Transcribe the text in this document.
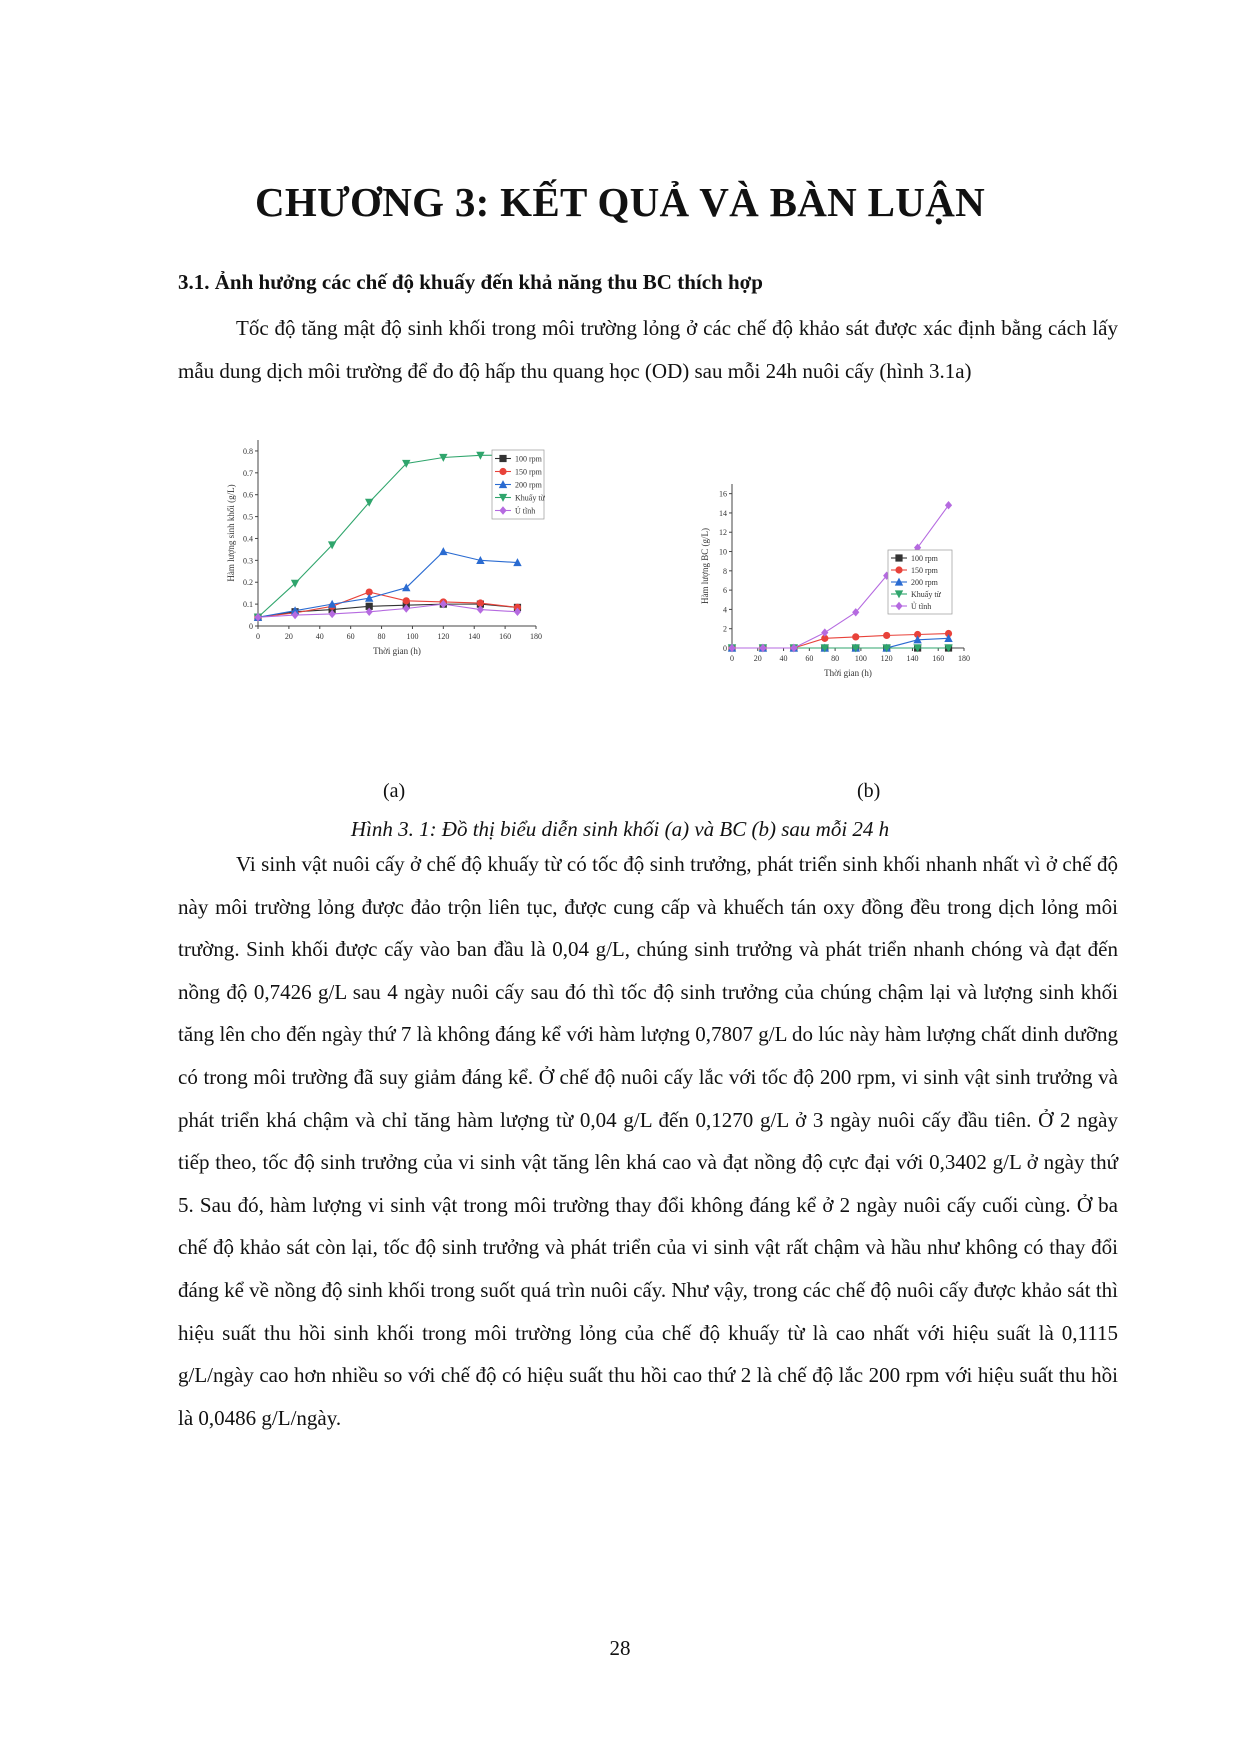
CHƯƠNG 3: KẾT QUẢ VÀ BÀN LUẬN
3.1. Ảnh hưởng các chế độ khuấy đến khả năng thu BC thích hợp

Tốc độ tăng mật độ sinh khối trong môi trường lỏng ở các chế độ khảo sát được xác định bằng cách lấy mẫu dung dịch môi trường để đo độ hấp thu quang học (OD) sau mỗi 24h nuôi cấy (hình 3.1a)

0	20	40	60	80	100 120 140 160 180
0
0.1
0.2
0.3
0.4
0.5
0.6
0.7
0.8
Thời gian (h)
Hàm lượng sinh khối (g/L)
100 rpm
150 rpm
200 rpm
Khuấy từ
Ủ tĩnh
0 20 40 60 80 100 120 140 160 180
0
2
4
6
8
10
12
14
16
Thời gian (h)
Hàm lượng BC (g/L)	100 rpm
150 rpm
200 rpm
Khuấy từ
Ủ tĩnh
(a)	(b)
Hình 3. 1: Đồ thị biểu diễn sinh khối (a) và BC (b) sau mỗi 24 h

Vi sinh vật nuôi cấy ở chế độ khuấy từ có tốc độ sinh trưởng, phát triển sinh khối nhanh nhất vì ở chế độ này môi trường lỏng được đảo trộn liên tục, được cung cấp và khuếch tán oxy đồng đều trong dịch lỏng môi trường. Sinh khối được cấy vào ban đầu là 0,04 g/L, chúng sinh trưởng và phát triển nhanh chóng và đạt đến nồng độ 0,7426 g/L sau 4 ngày nuôi cấy sau đó thì tốc độ sinh trưởng của chúng chậm lại và lượng sinh khối tăng lên cho đến ngày thứ 7 là không đáng kể với hàm lượng 0,7807 g/L do lúc này hàm lượng chất dinh dưỡng có trong môi trường đã suy giảm đáng kể. Ở chế độ nuôi cấy lắc với tốc độ 200 rpm, vi sinh vật sinh trưởng và phát triển khá chậm và chỉ tăng hàm lượng từ 0,04 g/L đến 0,1270 g/L ở 3 ngày nuôi cấy đầu tiên. Ở 2 ngày tiếp theo, tốc độ sinh trưởng của vi sinh vật tăng lên khá cao và đạt nồng độ cực đại với 0,3402 g/L ở ngày thứ 5. Sau đó, hàm lượng vi sinh vật trong môi trường thay đổi không đáng kể ở 2 ngày nuôi cấy cuối cùng. Ở ba chế độ khảo sát còn lại, tốc độ sinh trưởng và phát triển của vi sinh vật rất chậm và hầu như không có thay đổi đáng kể về nồng độ sinh khối trong suốt quá trìn nuôi cấy. Như vậy, trong các chế độ nuôi cấy được khảo sát thì hiệu suất thu hồi sinh khối trong môi trường lỏng của chế độ khuấy từ là cao nhất với hiệu suất là 0,1115 g/L/ngày cao hơn nhiều so với chế độ có hiệu suất thu hồi cao thứ 2 là chế độ lắc 200 rpm với hiệu suất thu hồi là 0,0486 g/L/ngày.

28
